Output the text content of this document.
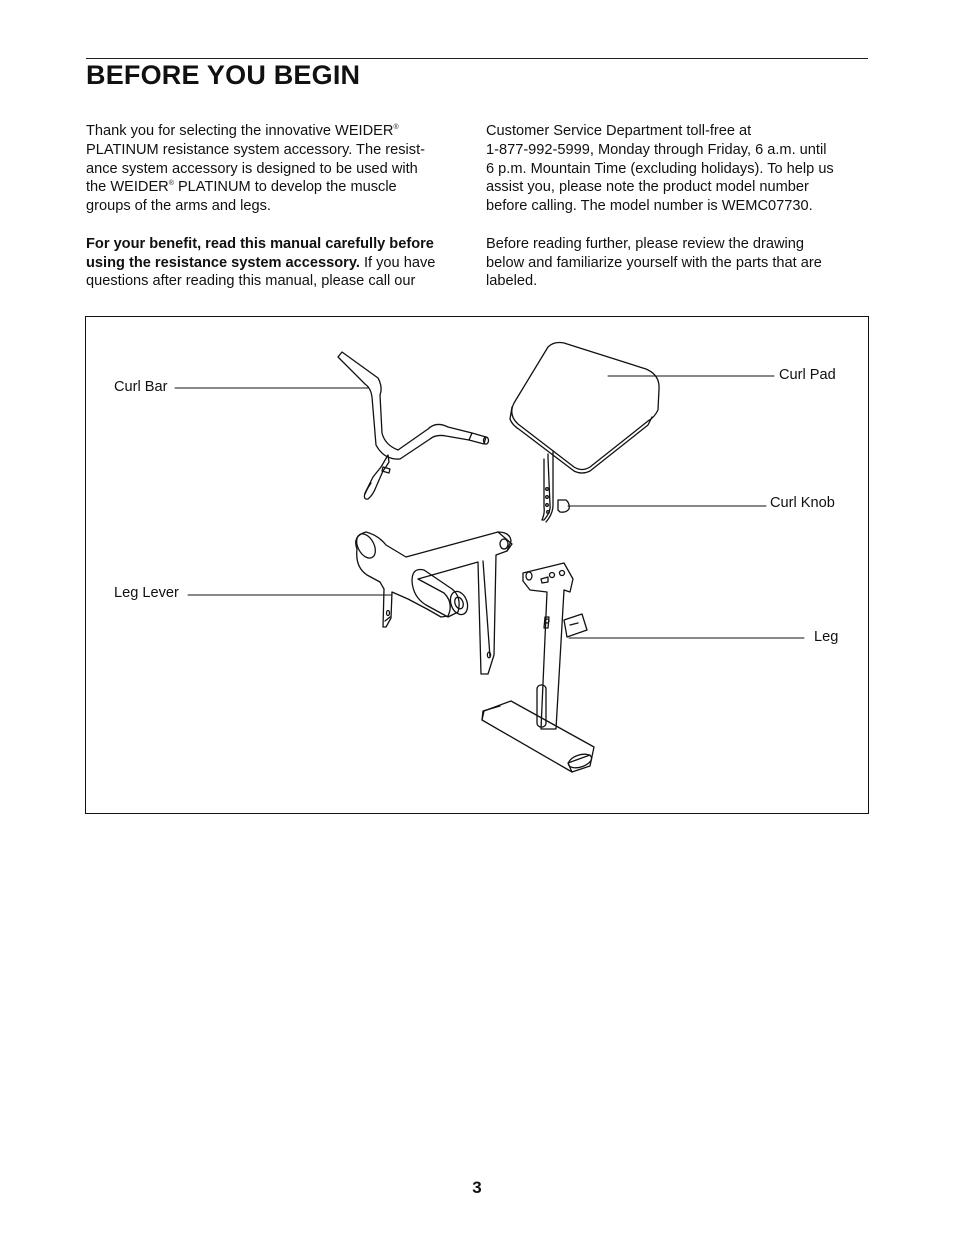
BEFORE YOU BEGIN

Thank you for selecting the innovative WEIDER®
PLATINUM resistance system accessory. The resist-
ance system accessory is designed to be used with
the WEIDER® PLATINUM to develop the muscle
groups of the arms and legs.

For your benefit, read this manual carefully before
using the resistance system accessory. If you have
questions after reading this manual, please call our

Customer Service Department toll-free at
1-877-992-5999, Monday through Friday, 6 a.m. until
6 p.m. Mountain Time (excluding holidays). To help us
assist you, please note the product model number
before calling. The model number is WEMC07730.

Before reading further, please review the drawing
below and familiarize yourself with the parts that are
labeled.

Curl Bar
Curl Pad
Curl Knob
Leg Lever
Leg
3
